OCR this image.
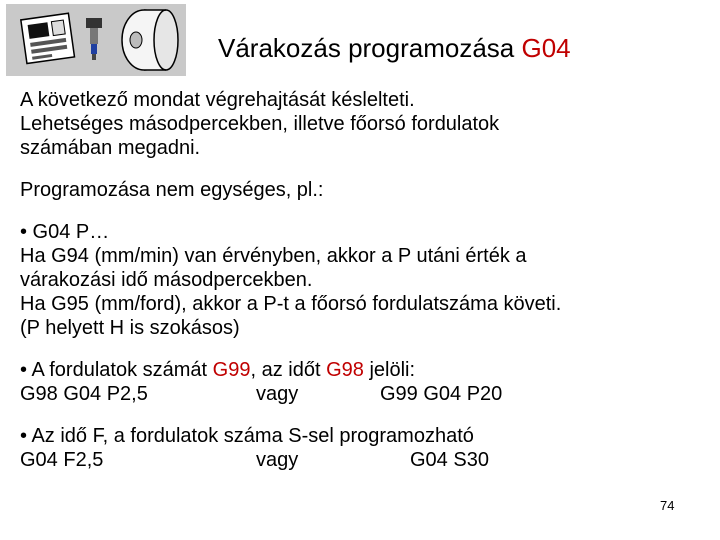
Várakozás programozása G04

A következő mondat végrehajtását késlelteti.

Lehetséges másodpercekben, illetve főorsó fordulatok

számában megadni.

Programozása nem egységes, pl.:

• G04 P…

Ha G94 (mm/min) van érvényben, akkor a P utáni érték a

várakozási idő másodpercekben.

Ha G95 (mm/ford), akkor a P-t a főorsó fordulatszáma követi.

(P helyett H is szokásos)

• A fordulatok számát G99, az időt G98 jelöli:

G98 G04 P2,5	vagy	G99 G04 P20

• Az idő F, a fordulatok száma S-sel programozható

G04 F2,5	vagy	G04 S30
74
